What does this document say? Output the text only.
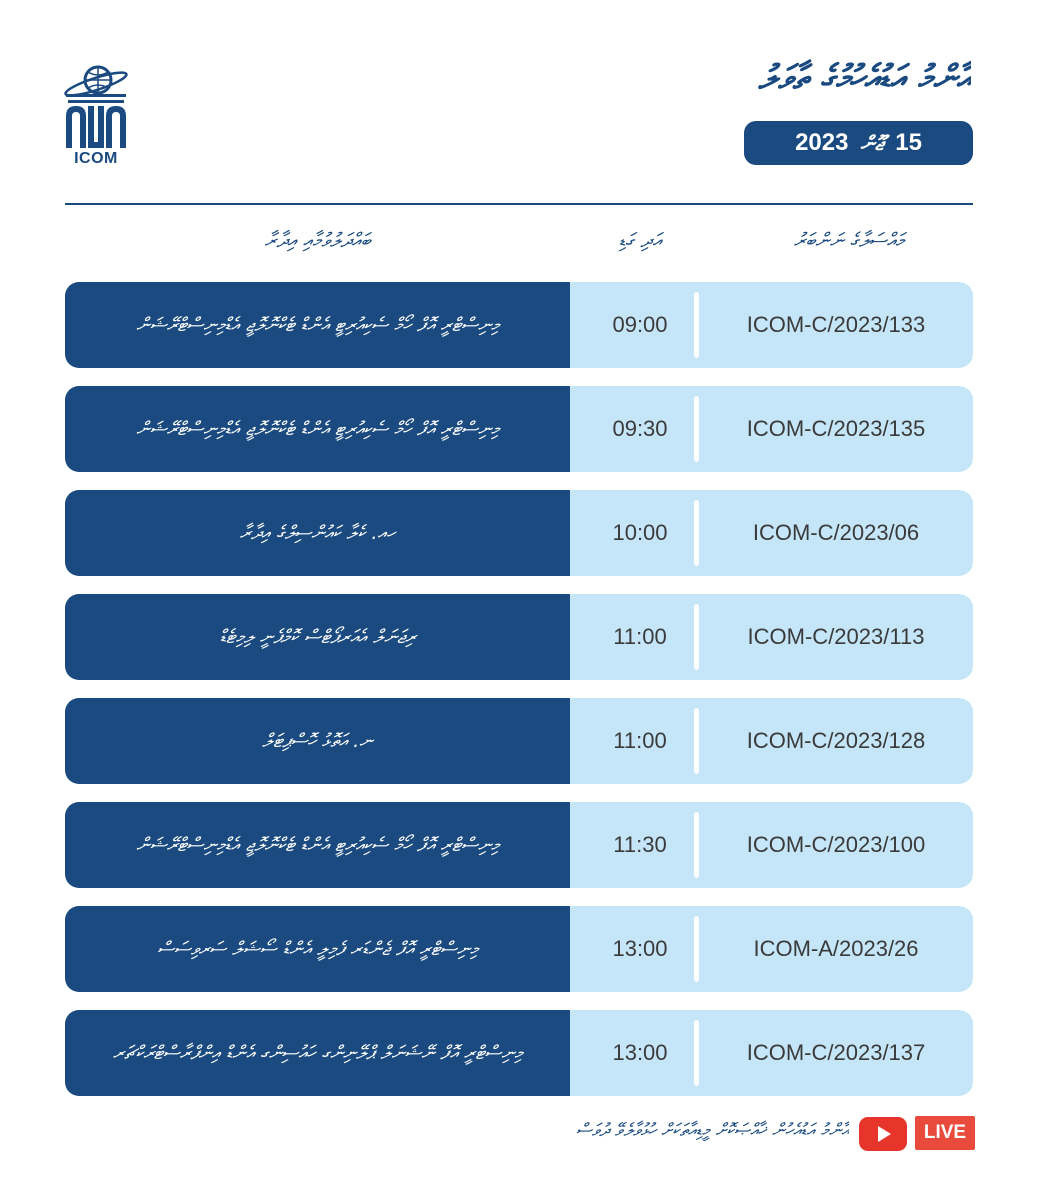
އާންމު އަޑުއެހުމުގެ ތާވަލު
2023 ޖޫން 15
ICOM
ބައްދަލުވުމާއި އިދާރާ	އަދި ގަޑި	މައްސަލާގެ ނަންބަރު
މިނިސްޓްރީ އޮފް ހޯމް ސެކިއުރިޓީ އެންޑް ޓެކްނޮލޮޖީ އެޑްމިނިސްޓްރޭޝަން	09:00	ICOM-C/2023/133
މިނިސްޓްރީ އޮފް ހޯމް ސެކިއުރިޓީ އެންޑް ޓެކްނޮލޮޖީ އެޑްމިނިސްޓްރޭޝަން	09:30	ICOM-C/2023/135
ހއ. ކެލާ ކައުންސިލްގެ އިދާރާ	10:00	ICOM-C/2023/06
ރިޖަނަލް އެއަރޕޯޓްސް ކޮމްޕެނީ ލިމިޓެޑް	11:00	ICOM-C/2023/113
ނ. އަތޮޅު ހޮސްޕިޓަލް	11:00	ICOM-C/2023/128
މިނިސްޓްރީ އޮފް ހޯމް ސެކިއުރިޓީ އެންޑް ޓެކްނޮލޮޖީ އެޑްމިނިސްޓްރޭޝަން	11:30	ICOM-C/2023/100
މިނިސްޓްރީ އޮފް ޖެންޑަރ ފެމިލީ އެންޑް ސޯޝަލް ސަރވިސަސް	13:00	ICOM-A/2023/26
މިނިސްޓްރީ އޮފް ނޭޝަނަލް ޕްލޭނިންގ ހައުސިންގ އެންޑް އިންފްރާސްޓްރަކްޗަރ	13:00	ICOM-C/2023/137
LIVE
އާންމު އަޑުއެހުން ޚާއްޞަކޮށް މީޑިއާތަކަށް ހުޅުވާލެވޭ ދުވަސް
